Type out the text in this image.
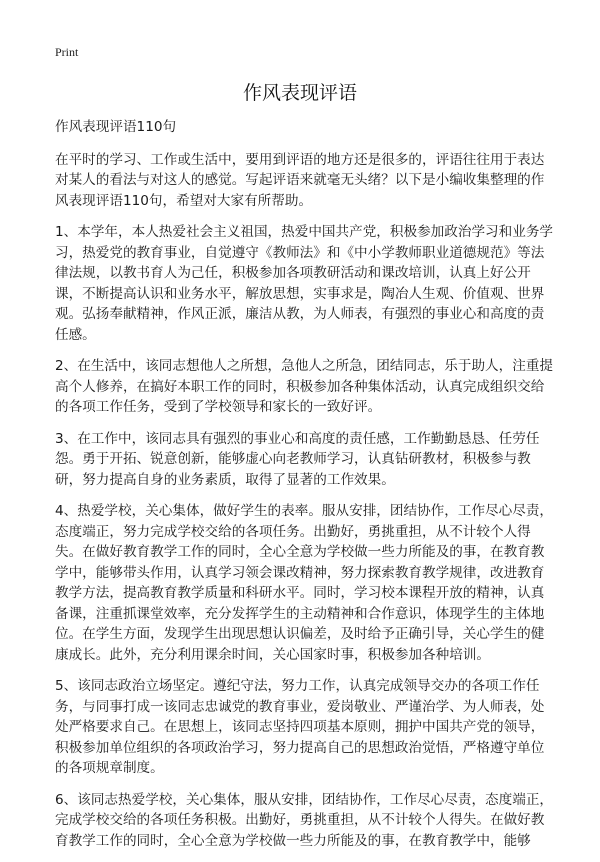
Print
作风表现评语

作风表现评语110句

在平时的学习、工作或生活中，要用到评语的地方还是很多的，评语往往用于表达对某人的看法与对这人的感觉。写起评语来就毫无头绪？以下是小编收集整理的作风表现评语110句，希望对大家有所帮助。

1、本学年，本人热爱社会主义祖国，热爱中国共产党，积极参加政治学习和业务学习，热爱党的教育事业，自觉遵守《教师法》和《中小学教师职业道德规范》等法律法规，以教书育人为己任，积极参加各项教研活动和课改培训，认真上好公开课，不断提高认识和业务水平，解放思想，实事求是，陶冶人生观、价值观、世界观。弘扬奉献精神，作风正派，廉洁从教，为人师表，有强烈的事业心和高度的责任感。

2、在生活中，该同志想他人之所想，急他人之所急，团结同志，乐于助人，注重提高个人修养，在搞好本职工作的同时，积极参加各种集体活动，认真完成组织交给的各项工作任务，受到了学校领导和家长的一致好评。

3、在工作中，该同志具有强烈的事业心和高度的责任感，工作勤勤恳恳、任劳任怨。勇于开拓、锐意创新，能够虚心向老教师学习，认真钻研教材，积极参与教研，努力提高自身的业务素质，取得了显著的工作效果。

4、热爱学校，关心集体，做好学生的表率。服从安排，团结协作，工作尽心尽责，态度端正，努力完成学校交给的各项任务。出勤好，勇挑重担，从不计较个人得失。在做好教育教学工作的同时，全心全意为学校做一些力所能及的事，在教育教学中，能够带头作用，认真学习领会课改精神，努力探索教育教学规律，改进教育教学方法，提高教育教学质量和科研水平。同时，学习校本课程开放的精神，认真备课，注重抓课堂效率，充分发挥学生的主动精神和合作意识，体现学生的主体地位。在学生方面，发现学生出现思想认识偏差，及时给予正确引导，关心学生的健康成长。此外，充分利用课余时间，关心国家时事，积极参加各种培训。

5、该同志政治立场坚定。遵纪守法，努力工作，认真完成领导交办的各项工作任务，与同事打成一该同志忠诚党的教育事业，爱岗敬业、严谨治学、为人师表，处处严格要求自己。在思想上，该同志坚持四项基本原则，拥护中国共产党的领导，积极参加单位组织的各项政治学习，努力提高自己的思想政治觉悟，严格遵守单位的各项规章制度。

6、该同志热爱学校，关心集体，服从安排，团结协作，工作尽心尽责，态度端正，完成学校交给的各项任务积极。出勤好，勇挑重担，从不计较个人得失。在做好教育教学工作的同时，全心全意为学校做一些力所能及的事，在教育教学中，能够
